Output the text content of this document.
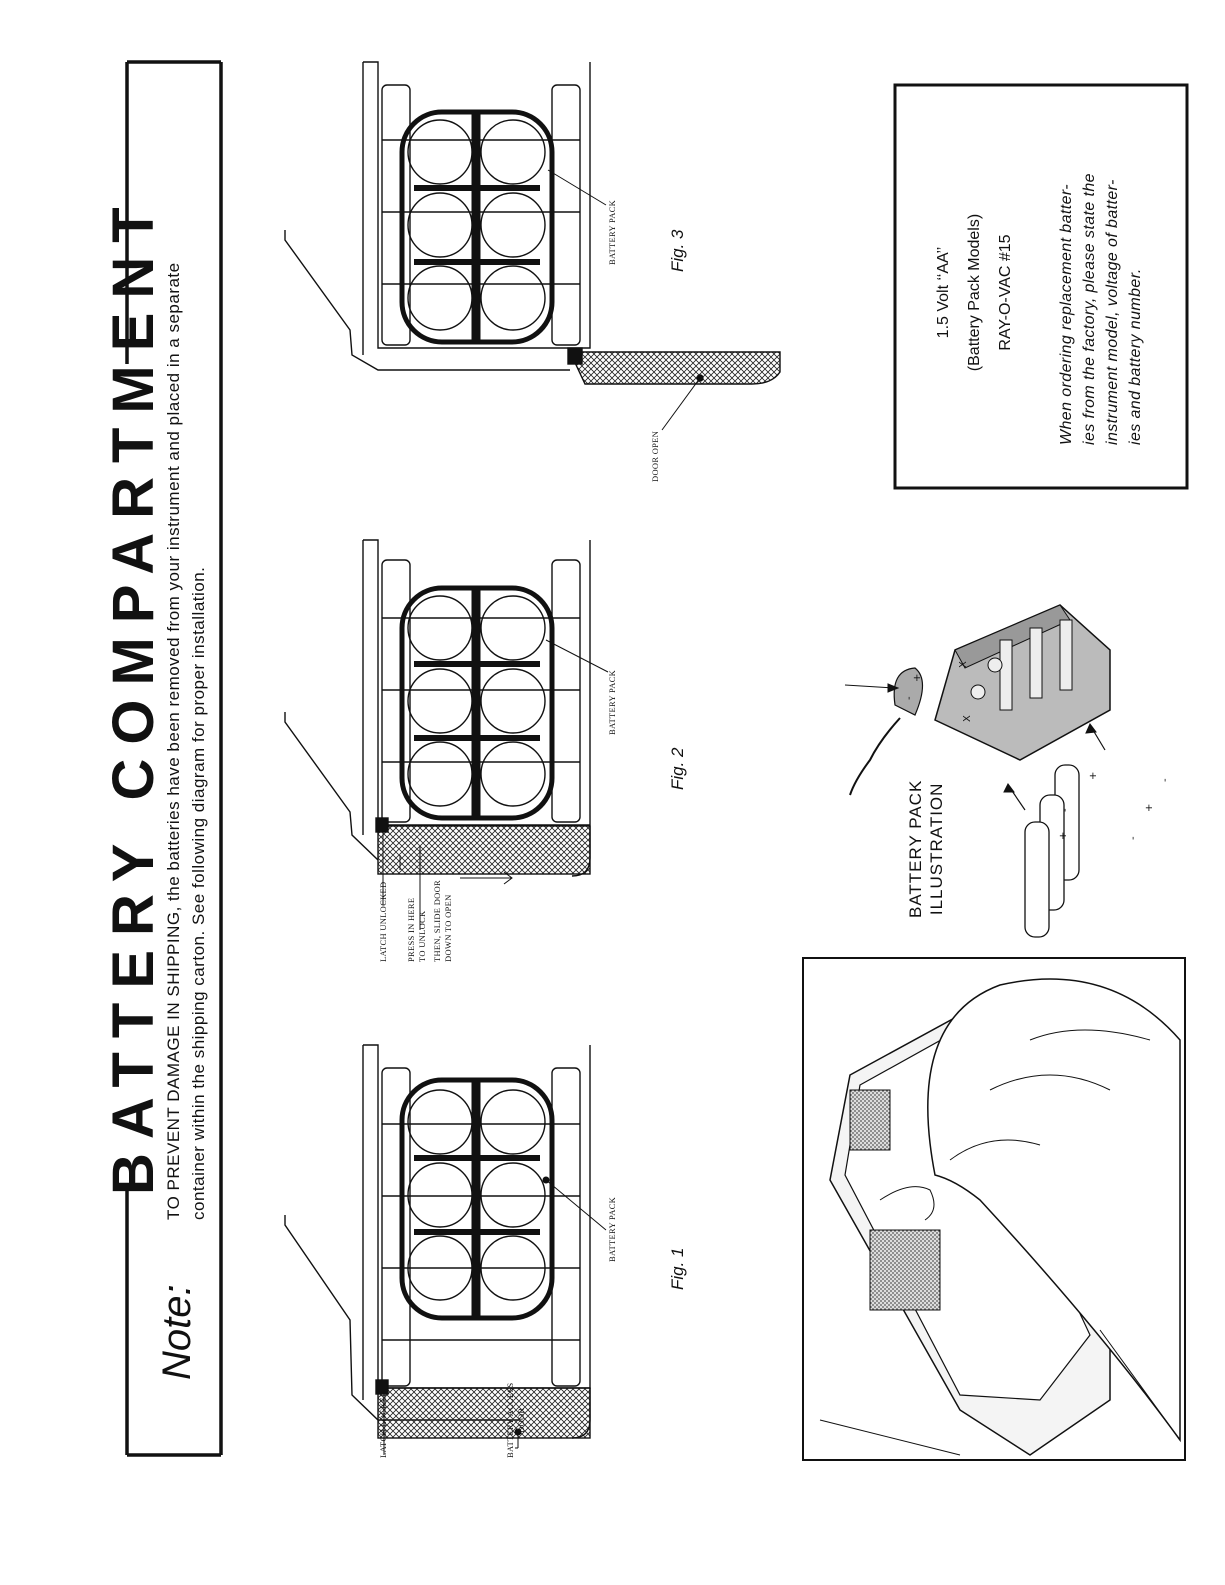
BATTERY COMPARTMENT
Note:
TO PREVENT DAMAGE IN SHIPPING, the batteries have been removed from your instrument and placed in a separate container within the shipping carton. See following diagram for proper installation.
LATCH LOCKED	BATTERY ACCESS DOOR
BATTERY PACK
Fig. 1
LATCH UNLOCKED PRESS IN HERE TO UNLOCK THEN, SLIDE DOOR DOWN TO OPEN
BATTERY PACK
Fig. 2
DOOR OPEN
BATTERY PACK	Fig. 3
BATTERY PACK ILLUSTRATION
+
+
+
-
-
-
+
-
X
X
1.5 Volt ‘‘AA’’ (Battery Pack Models) RAY-O-VAC #15	When ordering replacement batter- ies from the factory, please state the instrument model, voltage of batter- ies and battery number.
